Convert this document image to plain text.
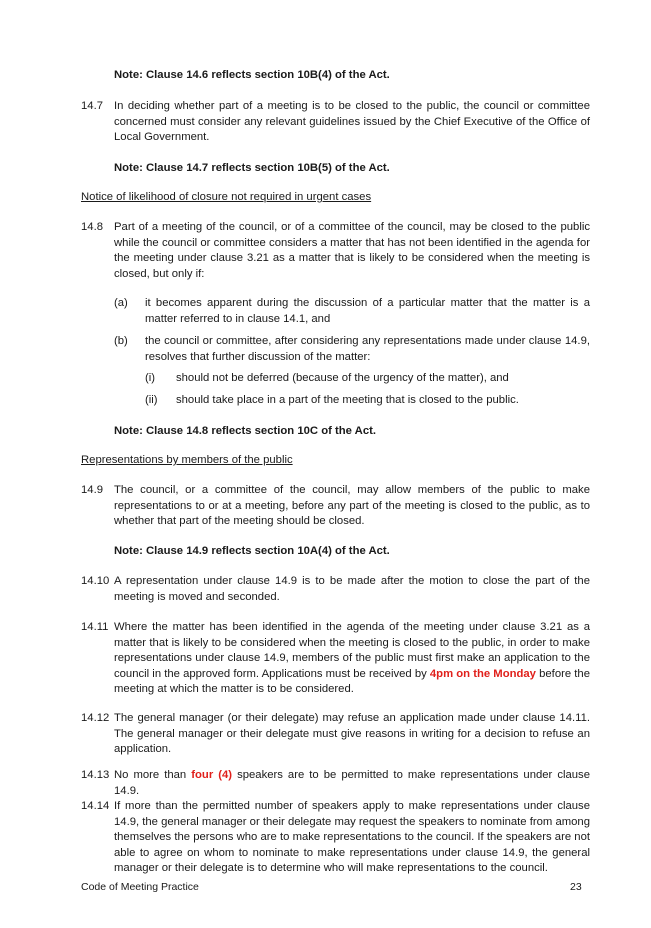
Note: Clause 14.6 reflects section 10B(4) of the Act.
14.7 In deciding whether part of a meeting is to be closed to the public, the council or committee concerned must consider any relevant guidelines issued by the Chief Executive of the Office of Local Government.
Note: Clause 14.7 reflects section 10B(5) of the Act.
Notice of likelihood of closure not required in urgent cases
14.8 Part of a meeting of the council, or of a committee of the council, may be closed to the public while the council or committee considers a matter that has not been identified in the agenda for the meeting under clause 3.21 as a matter that is likely to be considered when the meeting is closed, but only if:
(a) it becomes apparent during the discussion of a particular matter that the matter is a matter referred to in clause 14.1, and
(b) the council or committee, after considering any representations made under clause 14.9, resolves that further discussion of the matter:
(i) should not be deferred (because of the urgency of the matter), and
(ii) should take place in a part of the meeting that is closed to the public.
Note: Clause 14.8 reflects section 10C of the Act.
Representations by members of the public
14.9 The council, or a committee of the council, may allow members of the public to make representations to or at a meeting, before any part of the meeting is closed to the public, as to whether that part of the meeting should be closed.
Note: Clause 14.9 reflects section 10A(4) of the Act.
14.10 A representation under clause 14.9 is to be made after the motion to close the part of the meeting is moved and seconded.
14.11 Where the matter has been identified in the agenda of the meeting under clause 3.21 as a matter that is likely to be considered when the meeting is closed to the public, in order to make representations under clause 14.9, members of the public must first make an application to the council in the approved form. Applications must be received by 4pm on the Monday before the meeting at which the matter is to be considered.
14.12 The general manager (or their delegate) may refuse an application made under clause 14.11. The general manager or their delegate must give reasons in writing for a decision to refuse an application.
14.13 No more than four (4) speakers are to be permitted to make representations under clause 14.9.
14.14 If more than the permitted number of speakers apply to make representations under clause 14.9, the general manager or their delegate may request the speakers to nominate from among themselves the persons who are to make representations to the council. If the speakers are not able to agree on whom to nominate to make representations under clause 14.9, the general manager or their delegate is to determine who will make representations to the council.
Code of Meeting Practice	23
